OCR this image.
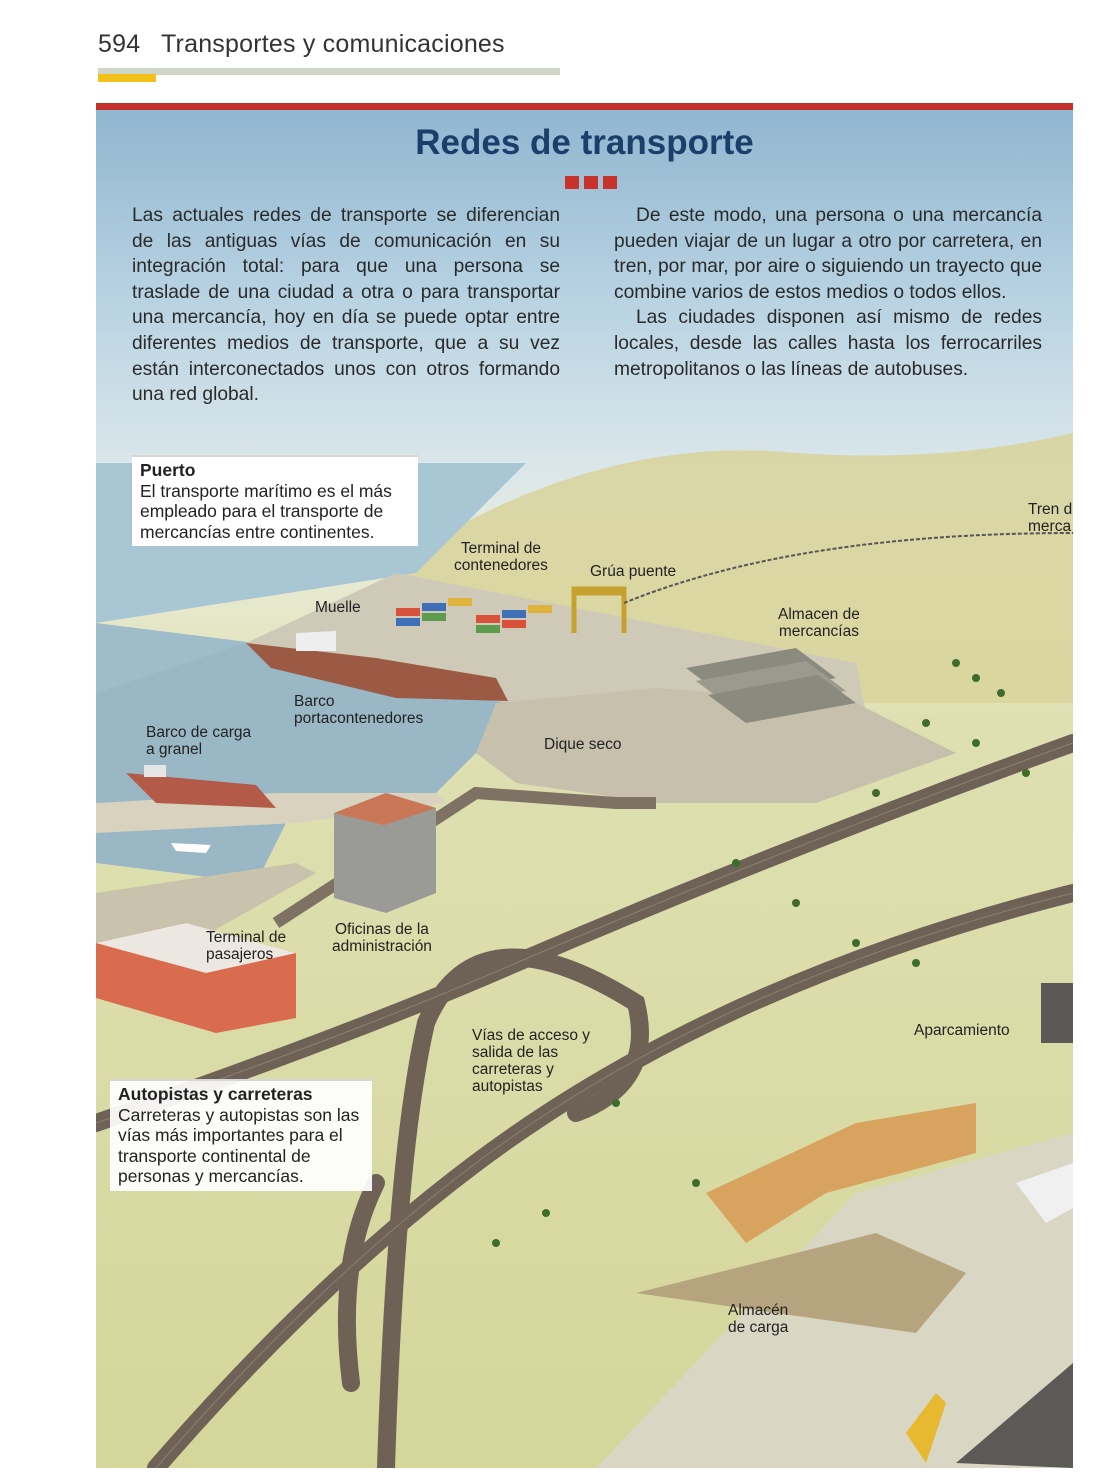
594 Transportes y comunicaciones
Redes de transporte

Las actuales redes de transporte se diferencian de las antiguas vías de comunicación en su integración total: para que una persona se traslade de una ciudad a otra o para transportar una mercancía, hoy en día se puede optar entre diferentes medios de transporte, que a su vez están interconectados unos con otros formando una red global.

De este modo, una persona o una mercancía pueden viajar de un lugar a otro por carretera, en tren, por mar, por aire o siguiendo un trayecto que combine varios de estos medios o todos ellos.

Las ciudades disponen así mismo de redes locales, desde las calles hasta los ferrocarriles metropolitanos o las líneas de autobuses.

Puerto
El transporte marítimo es el más empleado para el transporte de mercancías entre continentes.
Autopistas y carreteras
Carreteras y autopistas son las vías más importantes para el transporte continental de personas y mercancías.
Terminal de
contenedores	Grúa puente
Tren d
merca
Almacen de
mercancías
Muelle
Barco
portacontenedores
Barco de carga
a granel	Dique seco
Terminal de
pasajeros
Oficinas de la
administración
Vías de acceso y
salida de las
carreteras y
autopistas
Aparcamiento
Almacén
de carga
